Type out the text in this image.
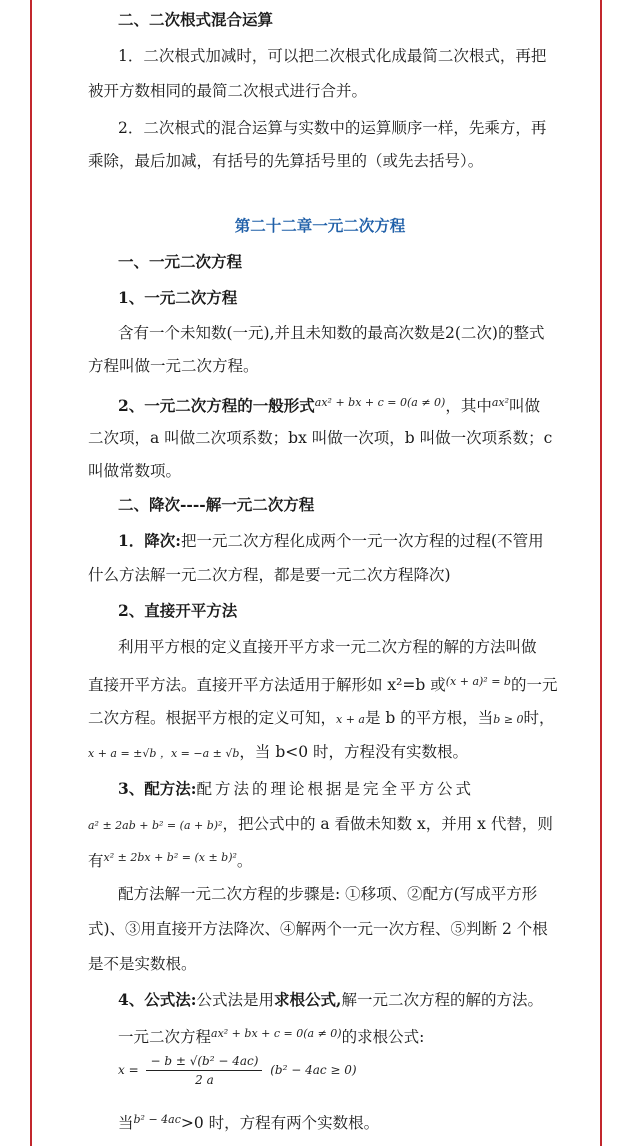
二、二次根式混合运算
1．二次根式加减时，可以把二次根式化成最简二次根式，再把
被开方数相同的最简二次根式进行合并。
2．二次根式的混合运算与实数中的运算顺序一样，先乘方，再
乘除，最后加减，有括号的先算括号里的（或先去括号）。
第二十二章一元二次方程
一、一元二次方程
1、一元二次方程
含有一个未知数(一元),并且未知数的最高次数是2(二次)的整式
方程叫做一元二次方程。
2、一元二次方程的一般形式$^{ax^2 + bx + c = 0(a \ne 0)}$，其中$^{ax^2}$叫做
二次项，a 叫做二次项系数；bx 叫做一次项，b 叫做一次项系数；c
叫做常数项。
二、降次----解一元二次方程
1．降次:把一元二次方程化成两个一元一次方程的过程(不管用
什么方法解一元二次方程，都是要一元二次方程降次)
2、直接开平方法
利用平方根的定义直接开平方求一元二次方程的解的方法叫做
直接开平方法。直接开平方法适用于解形如 x²=b 或$^{(x + a)^2 = b}$的一元
二次方程。根据平方根的定义可知，x + a是 b 的平方根，当b ≥ 0时，
x + a = ±√b ，x = −a ± √b，当 b<0 时，方程没有实数根。
3、配方法:配方法的理论根据是完全平方公式
a² ± 2ab + b² = (a + b)²，把公式中的 a 看做未知数 x，并用 x 代替，则
有$^{x^2 \pm 2bx + b^2 = (x \pm b)^2}$。
配方法解一元二次方程的步骤是: ①移项、②配方(写成平方形
式)、③用直接开方法降次、④解两个一元一次方程、⑤判断 2 个根
是不是实数根。
4、公式法:公式法是用求根公式,解一元二次方程的解的方法。
一元二次方程$^{ax^2 + bx + c = 0(a \ne 0)}$的求根公式:
$x = \frac{\text{− b ± √(b² − 4ac)}}{2 a} (b^2 - 4ac \ge 0)$
当$^{b^2 - 4ac}$>0 时，方程有两个实数根。
